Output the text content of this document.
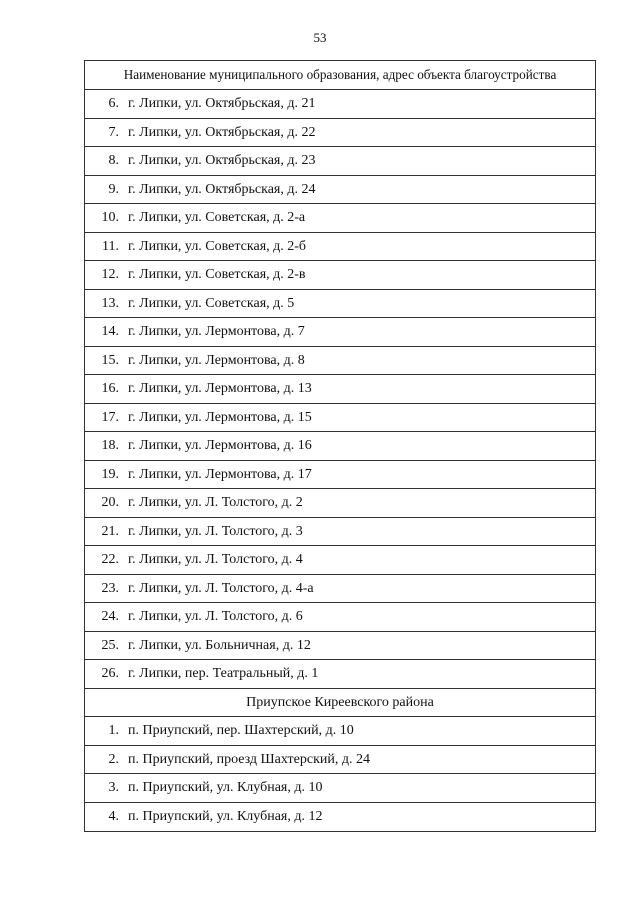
53
Наименование муниципального образования, адрес объекта благоустройства
6. г. Липки, ул. Октябрьская, д. 21
7. г. Липки, ул. Октябрьская, д. 22
8. г. Липки, ул. Октябрьская, д. 23
9. г. Липки, ул. Октябрьская, д. 24
10. г. Липки, ул. Советская, д. 2-а
11. г. Липки, ул. Советская, д. 2-б
12. г. Липки, ул. Советская, д. 2-в
13. г. Липки, ул. Советская, д. 5
14. г. Липки, ул. Лермонтова, д. 7
15. г. Липки, ул. Лермонтова, д. 8
16. г. Липки, ул. Лермонтова, д. 13
17. г. Липки, ул. Лермонтова, д. 15
18. г. Липки, ул. Лермонтова, д. 16
19. г. Липки, ул. Лермонтова, д. 17
20. г. Липки, ул. Л. Толстого, д. 2
21. г. Липки, ул. Л. Толстого, д. 3
22. г. Липки, ул. Л. Толстого, д. 4
23. г. Липки, ул. Л. Толстого, д. 4-а
24. г. Липки, ул. Л. Толстого, д. 6
25. г. Липки, ул. Больничная, д. 12
26. г. Липки, пер. Театральный, д. 1
Приупское Киреевского района
1. п. Приупский, пер. Шахтерский, д. 10
2. п. Приупский, проезд Шахтерский, д. 24
3. п. Приупский, ул. Клубная, д. 10
4. п. Приупский, ул. Клубная, д. 12
